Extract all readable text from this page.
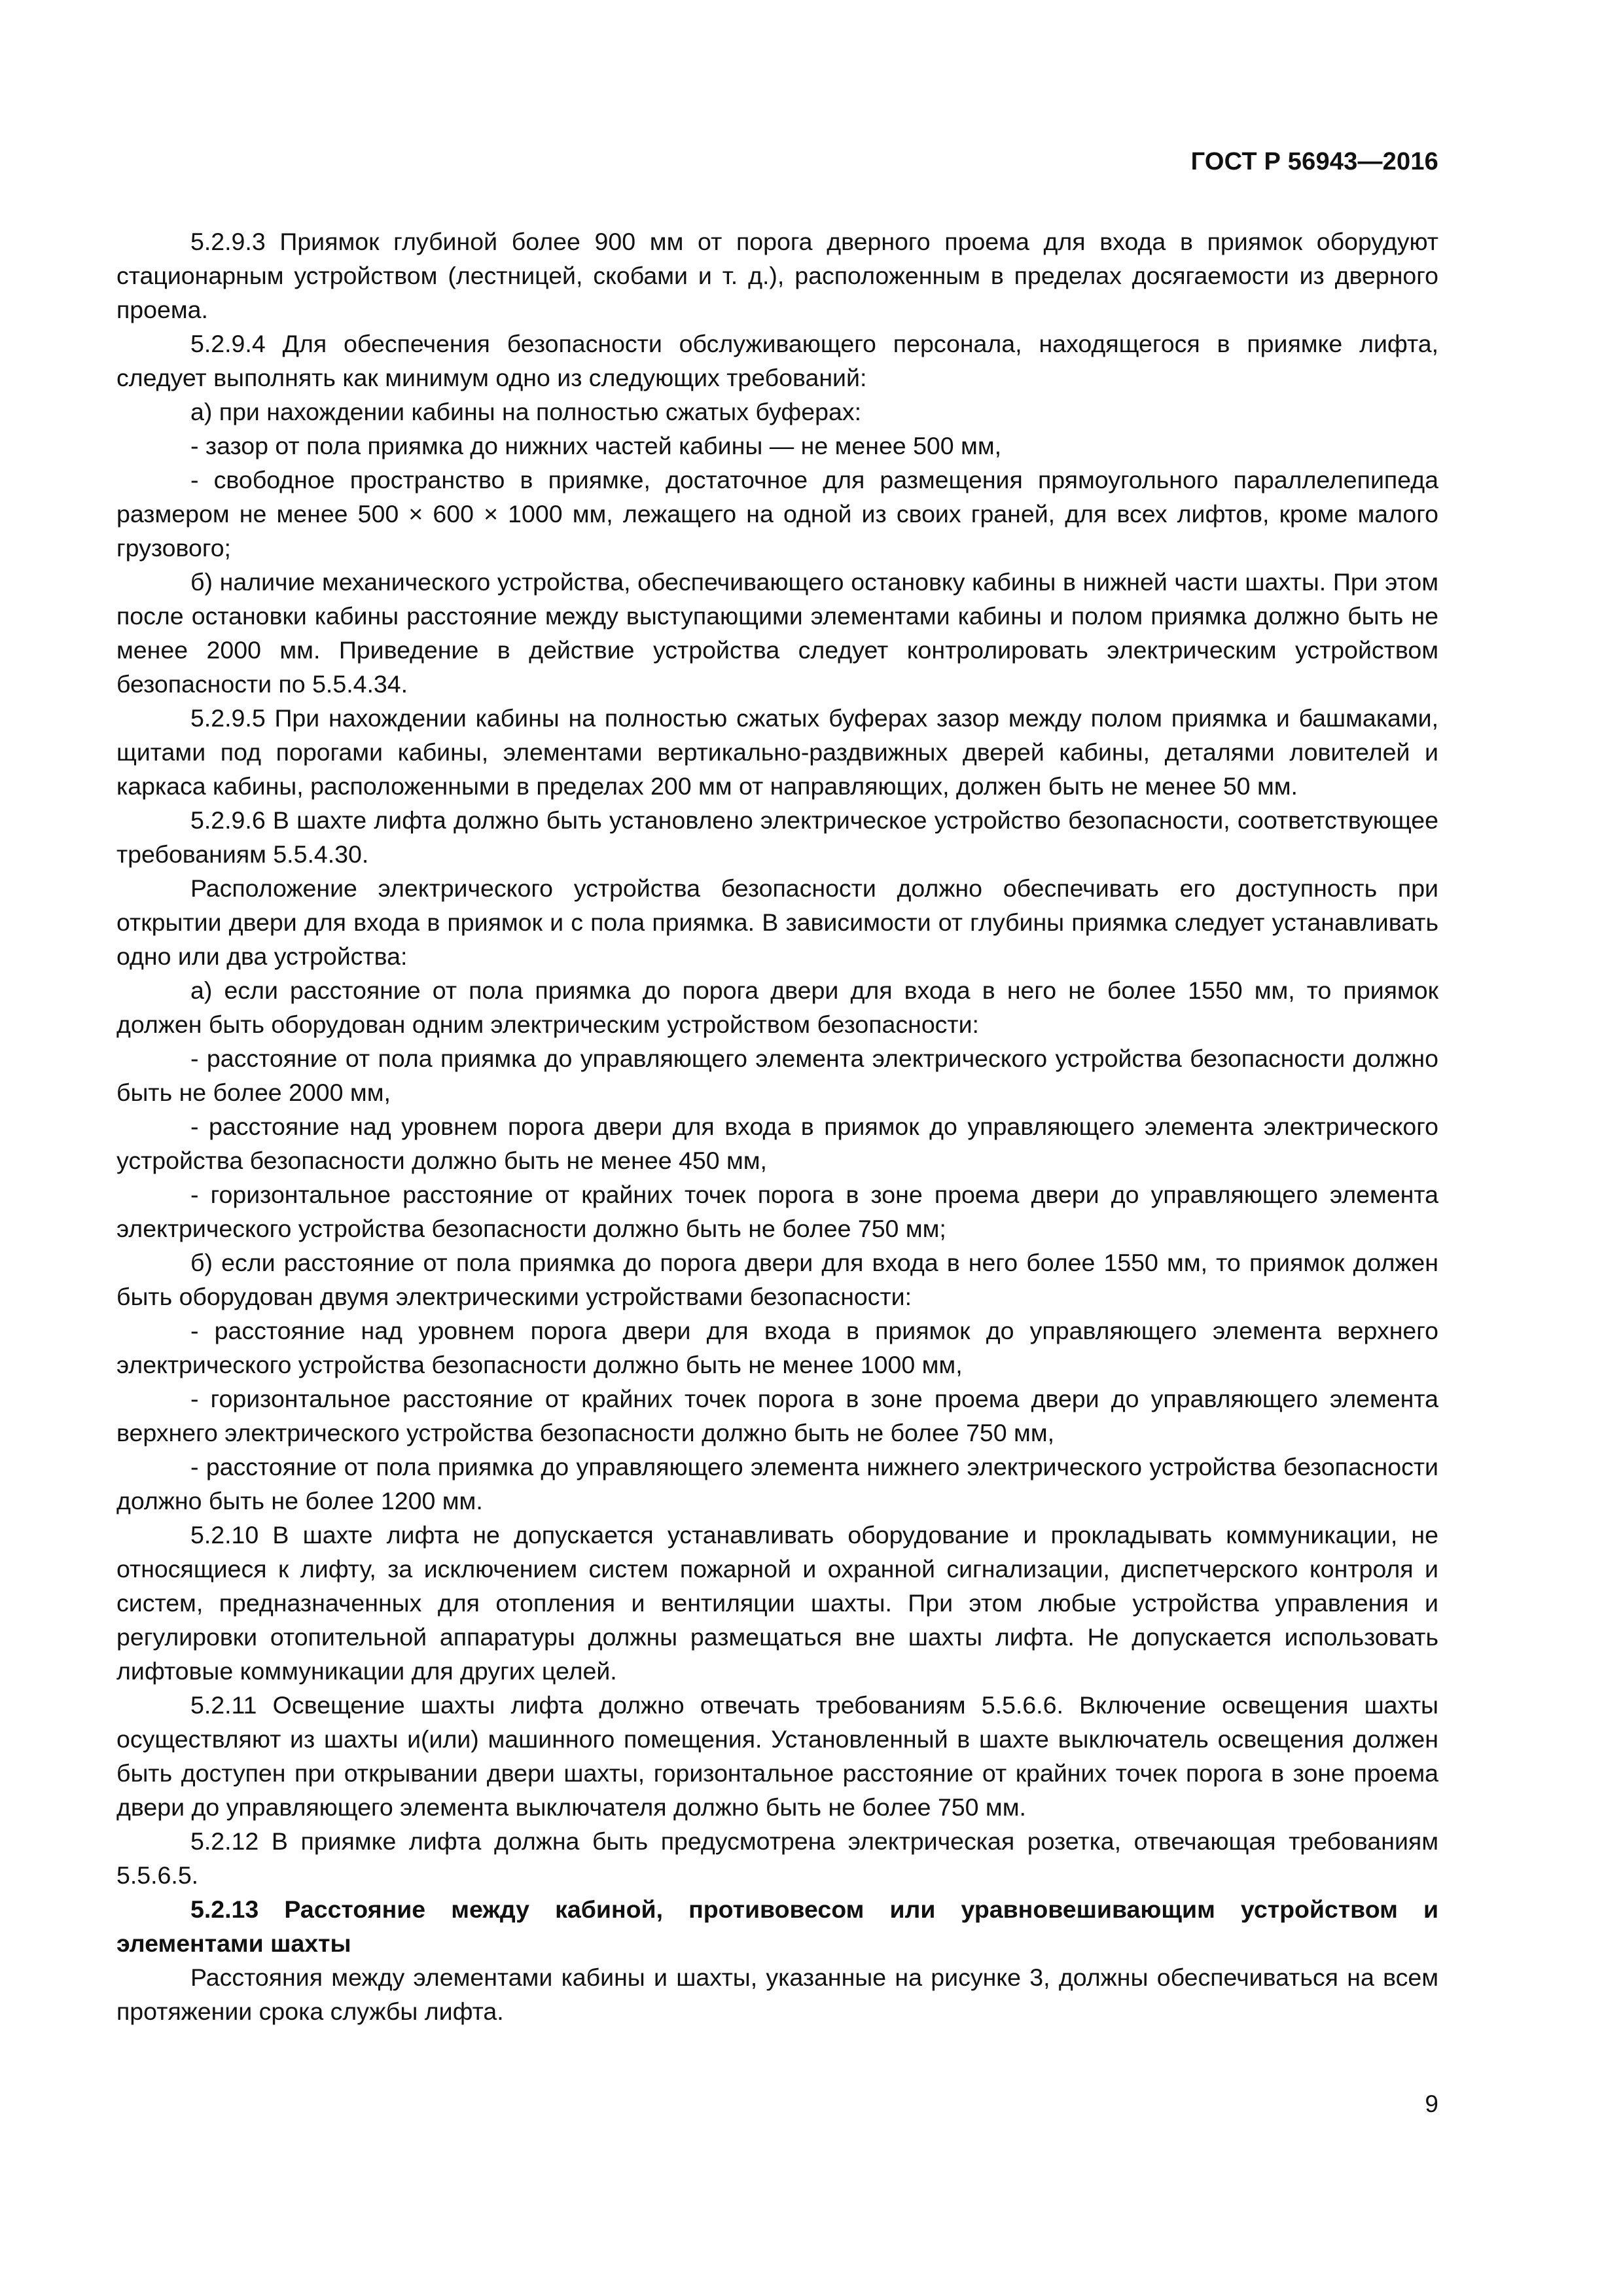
ГОСТ Р 56943—2016

5.2.9.3 Приямок глубиной более 900 мм от порога дверного проема для входа в приямок оборудуют стационарным устройством (лестницей, скобами и т. д.), расположенным в пределах досягаемости из дверного проема.

5.2.9.4 Для обеспечения безопасности обслуживающего персонала, находящегося в приямке лифта, следует выполнять как минимум одно из следующих требований:

а) при нахождении кабины на полностью сжатых буферах:

- зазор от пола приямка до нижних частей кабины — не менее 500 мм,

- свободное пространство в приямке, достаточное для размещения прямоугольного параллелепипеда размером не менее 500 × 600 × 1000 мм, лежащего на одной из своих граней, для всех лифтов, кроме малого грузового;

б) наличие механического устройства, обеспечивающего остановку кабины в нижней части шахты. При этом после остановки кабины расстояние между выступающими элементами кабины и полом приямка должно быть не менее 2000 мм. Приведение в действие устройства следует контролировать электрическим устройством безопасности по 5.5.4.34.

5.2.9.5 При нахождении кабины на полностью сжатых буферах зазор между полом приямка и башмаками, щитами под порогами кабины, элементами вертикально-раздвижных дверей кабины, деталями ловителей и каркаса кабины, расположенными в пределах 200 мм от направляющих, должен быть не менее 50 мм.

5.2.9.6 В шахте лифта должно быть установлено электрическое устройство безопасности, соответствующее требованиям 5.5.4.30.

Расположение электрического устройства безопасности должно обеспечивать его доступность при открытии двери для входа в приямок и с пола приямка. В зависимости от глубины приямка следует устанавливать одно или два устройства:

а) если расстояние от пола приямка до порога двери для входа в него не более 1550 мм, то приямок должен быть оборудован одним электрическим устройством безопасности:

- расстояние от пола приямка до управляющего элемента электрического устройства безопасности должно быть не более 2000 мм,

- расстояние над уровнем порога двери для входа в приямок до управляющего элемента электрического устройства безопасности должно быть не менее 450 мм,

- горизонтальное расстояние от крайних точек порога в зоне проема двери до управляющего элемента электрического устройства безопасности должно быть не более 750 мм;

б) если расстояние от пола приямка до порога двери для входа в него более 1550 мм, то приямок должен быть оборудован двумя электрическими устройствами безопасности:

- расстояние над уровнем порога двери для входа в приямок до управляющего элемента верхнего электрического устройства безопасности должно быть не менее 1000 мм,

- горизонтальное расстояние от крайних точек порога в зоне проема двери до управляющего элемента верхнего электрического устройства безопасности должно быть не более 750 мм,

- расстояние от пола приямка до управляющего элемента нижнего электрического устройства безопасности должно быть не более 1200 мм.

5.2.10 В шахте лифта не допускается устанавливать оборудование и прокладывать коммуникации, не относящиеся к лифту, за исключением систем пожарной и охранной сигнализации, диспетчерского контроля и систем, предназначенных для отопления и вентиляции шахты. При этом любые устройства управления и регулировки отопительной аппаратуры должны размещаться вне шахты лифта. Не допускается использовать лифтовые коммуникации для других целей.

5.2.11 Освещение шахты лифта должно отвечать требованиям 5.5.6.6. Включение освещения шахты осуществляют из шахты и(или) машинного помещения. Установленный в шахте выключатель освещения должен быть доступен при открывании двери шахты, горизонтальное расстояние от крайних точек порога в зоне проема двери до управляющего элемента выключателя должно быть не более 750 мм.

5.2.12 В приямке лифта должна быть предусмотрена электрическая розетка, отвечающая требованиям 5.5.6.5.

5.2.13 Расстояние между кабиной, противовесом или уравновешивающим устройством и элементами шахты

Расстояния между элементами кабины и шахты, указанные на рисунке 3, должны обеспечиваться на всем протяжении срока службы лифта.

9
